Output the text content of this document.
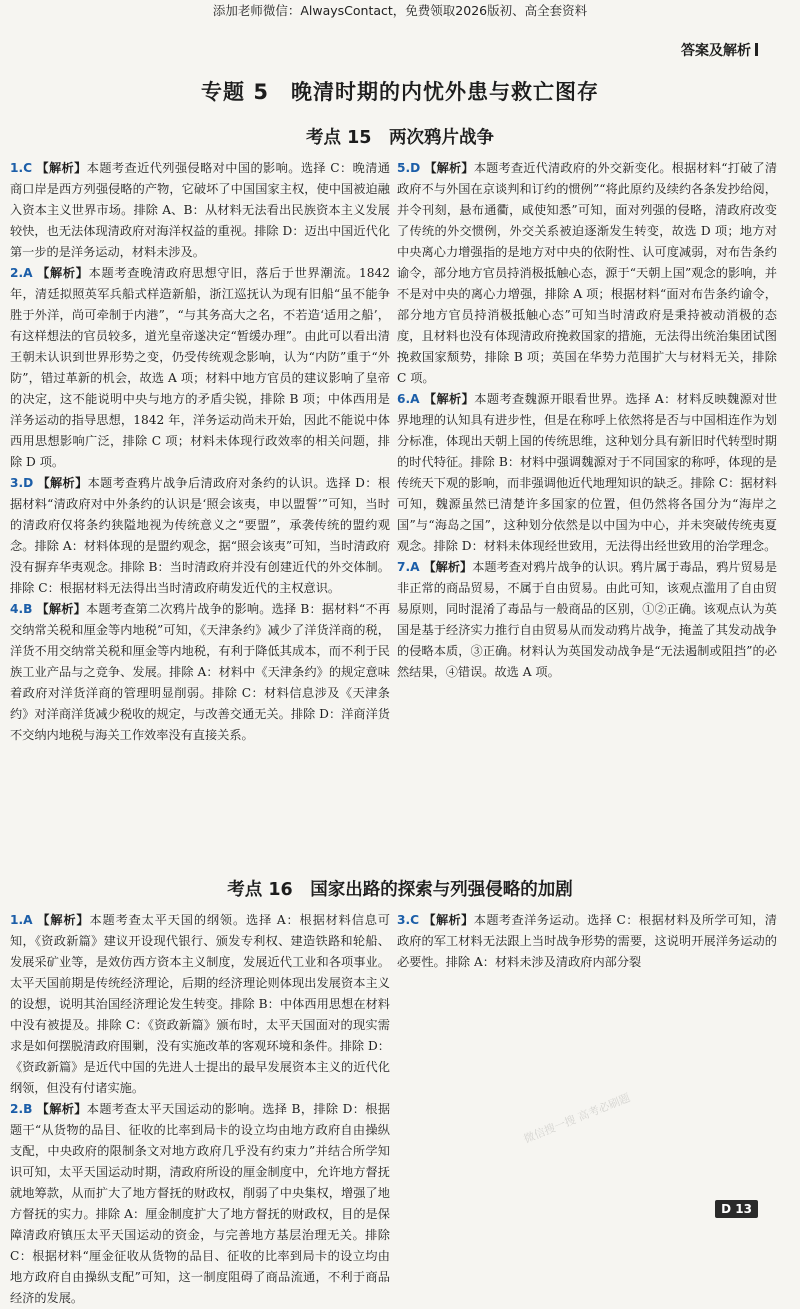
添加老师微信：AlwaysContact，免费领取2026版初、高全套资料
答案及解析
专题 5　晚清时期的内忧外患与救亡图存
考点 15　两次鸦片战争
1.C 【解析】本题考查近代列强侵略对中国的影响。选择 C：晚清通商口岸是西方列强侵略的产物，它破坏了中国国家主权，使中国被迫融入资本主义世界市场。排除 A、B：从材料无法看出民族资本主义发展较快，也无法体现清政府对海洋权益的重视。排除 D：迈出中国近代化第一步的是洋务运动，材料未涉及。
2.A 【解析】本题考查晚清政府思想守旧，落后于世界潮流。1842 年，清廷拟照英军兵船式样造新船，浙江巡抚认为现有旧船“虽不能争胜于外洋，尚可牵制于内港”，“与其务高大之名，不若造‘适用之船’，有这样想法的官员较多，道光皇帝遂决定“暂缓办理”。由此可以看出清王朝未认识到世界形势之变，仍受传统观念影响，认为“内防”重于“外防”，错过革新的机会，故选 A 项；材料中地方官员的建议影响了皇帝的决定，这不能说明中央与地方的矛盾尖锐，排除 B 项；中体西用是洋务运动的指导思想，1842 年，洋务运动尚未开始，因此不能说中体西用思想影响广泛，排除 C 项；材料未体现行政效率的相关问题，排除 D 项。
3.D 【解析】本题考查鸦片战争后清政府对条约的认识。选择 D：根据材料“清政府对中外条约的认识是‘照会该夷，申以盟誓’”可知，当时的清政府仅将条约狭隘地视为传统意义之“要盟”，承袭传统的盟约观念。排除 A：材料体现的是盟约观念，据“照会该夷”可知，当时清政府没有摒弃华夷观念。排除 B：当时清政府并没有创建近代的外交体制。排除 C：根据材料无法得出当时清政府萌发近代的主权意识。
4.B 【解析】本题考查第二次鸦片战争的影响。选择 B：据材料“不再交纳常关税和厘金等内地税”可知，《天津条约》减少了洋货洋商的税，洋货不用交纳常关税和厘金等内地税，有利于降低其成本，而不利于民族工业产品与之竞争、发展。排除 A：材料中《天津条约》的规定意味着政府对洋货洋商的管理明显削弱。排除 C：材料信息涉及《天津条约》对洋商洋货减少税收的规定，与改善交通无关。排除 D：洋商洋货不交纳内地税与海关工作效率没有直接关系。
5.D 【解析】本题考查近代清政府的外交新变化。根据材料“打破了清政府不与外国在京谈判和订约的惯例”“将此原约及续约各条发抄给阅，并令刊刻，悬布通衢，咸使知悉”可知，面对列强的侵略，清政府改变了传统的外交惯例，外交关系被迫逐渐发生转变，故选 D 项；地方对中央离心力增强指的是地方对中央的依附性、认可度减弱，对布告条约谕令，部分地方官员持消极抵触心态，源于“天朝上国”观念的影响，并不是对中央的离心力增强，排除 A 项；根据材料“面对布告条约谕令，部分地方官员持消极抵触心态”可知当时清政府是秉持被动消极的态度，且材料也没有体现清政府挽救国家的措施，无法得出统治集团试图挽救国家颓势，排除 B 项；英国在华势力范围扩大与材料无关，排除 C 项。
6.A 【解析】本题考查魏源开眼看世界。选择 A：材料反映魏源对世界地理的认知具有进步性，但是在称呼上依然将是否与中国相连作为划分标准，体现出天朝上国的传统思维，这种划分具有新旧时代转型时期的时代特征。排除 B：材料中强调魏源对于不同国家的称呼，体现的是传统天下观的影响，而非强调他近代地理知识的缺乏。排除 C：据材料可知，魏源虽然已清楚许多国家的位置，但仍然将各国分为“海岸之国”与“海岛之国”，这种划分依然是以中国为中心，并未突破传统夷夏观念。排除 D：材料未体现经世致用，无法得出经世致用的治学理念。
7.A 【解析】本题考查对鸦片战争的认识。鸦片属于毒品，鸦片贸易是非正常的商品贸易，不属于自由贸易。由此可知，该观点滥用了自由贸易原则，同时混淆了毒品与一般商品的区别，①②正确。该观点认为英国是基于经济实力推行自由贸易从而发动鸦片战争，掩盖了其发动战争的侵略本质，③正确。材料认为英国发动战争是“无法遏制或阻挡”的必然结果，④错误。故选 A 项。
考点 16　国家出路的探索与列强侵略的加剧
1.A 【解析】本题考查太平天国的纲领。选择 A：根据材料信息可知，《资政新篇》建议开设现代银行、颁发专利权、建造铁路和轮船、发展采矿业等，是效仿西方资本主义制度，发展近代工业和各项事业。太平天国前期是传统经济理论，后期的经济理论则体现出发展资本主义的设想，说明其治国经济理论发生转变。排除 B：中体西用思想在材料中没有被提及。排除 C：《资政新篇》颁布时，太平天国面对的现实需求是如何摆脱清政府围剿，没有实施改革的客观环境和条件。排除 D：《资政新篇》是近代中国的先进人士提出的最早发展资本主义的近代化纲领，但没有付诸实施。
2.B 【解析】本题考查太平天国运动的影响。选择 B，排除 D：根据题干“从货物的品目、征收的比率到局卡的设立均由地方政府自由操纵支配，中央政府的限制条文对地方政府几乎没有约束力”并结合所学知识可知，太平天国运动时期，清政府所设的厘金制度中，允许地方督抚就地筹款，从而扩大了地方督抚的财政权，削弱了中央集权，增强了地方督抚的实力。排除 A：厘金制度扩大了地方督抚的财政权，目的是保障清政府镇压太平天国运动的资金，与完善地方基层治理无关。排除 C：根据材料“厘金征收从货物的品目、征收的比率到局卡的设立均由地方政府自由操纵支配”可知，这一制度阻碍了商品流通，不利于商品经济的发展。
3.C 【解析】本题考查洋务运动。选择 C：根据材料及所学可知，清政府的军工材料无法跟上当时战争形势的需要，这说明开展洋务运动的必要性。排除 A：材料未涉及清政府内部分裂
微信搜一搜 高考必刷题
D 13
